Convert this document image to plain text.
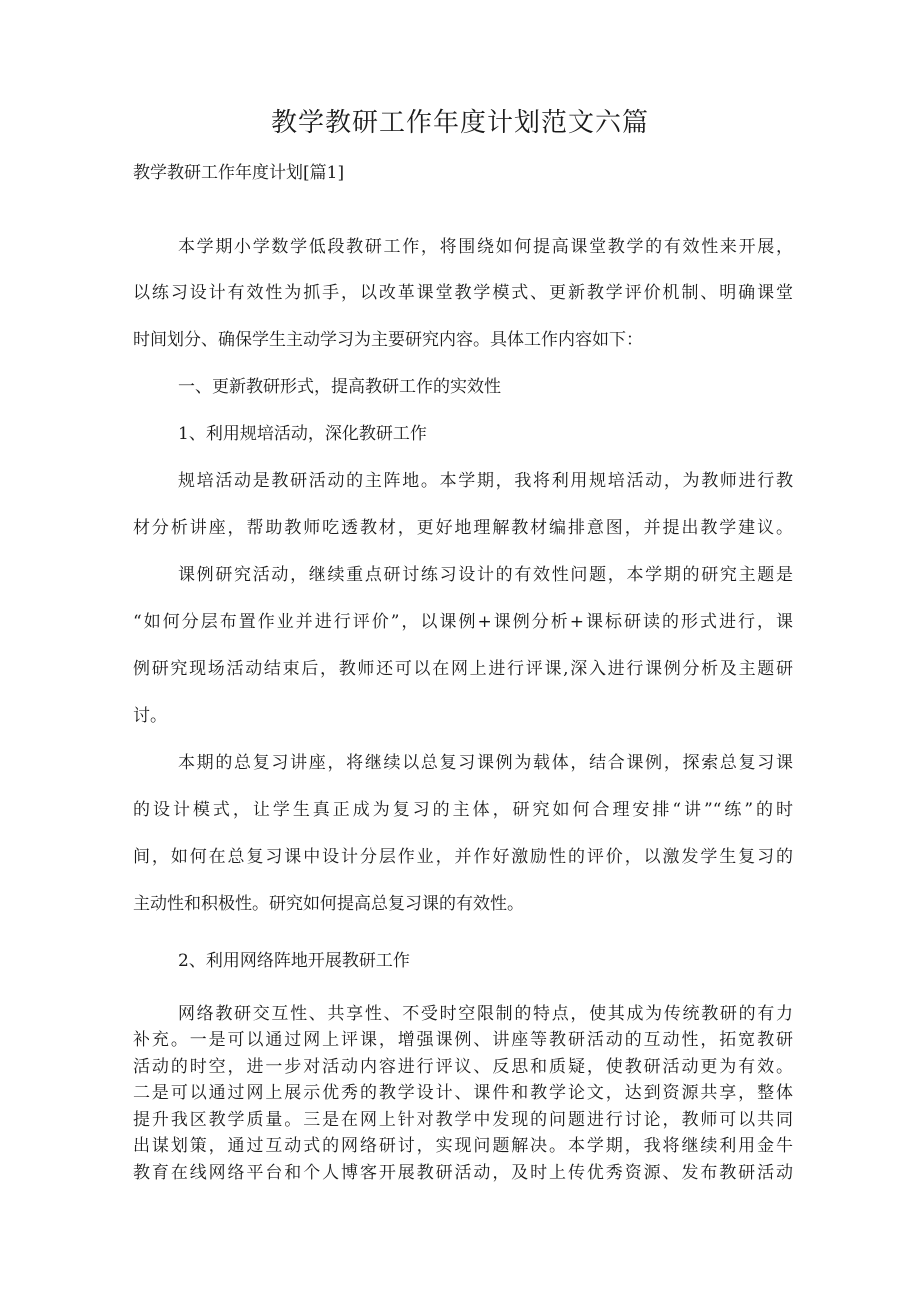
教学教研工作年度计划范文六篇
教学教研工作年度计划[篇1]
本学期小学数学低段教研工作，将围绕如何提高课堂教学的有效性来开展，
以练习设计有效性为抓手，以改革课堂教学模式、更新教学评价机制、明确课堂
时间划分、确保学生主动学习为主要研究内容。具体工作内容如下：
一、更新教研形式，提高教研工作的实效性
1、利用规培活动，深化教研工作
规培活动是教研活动的主阵地。本学期，我将利用规培活动，为教师进行教
材分析讲座，帮助教师吃透教材，更好地理解教材编排意图，并提出教学建议。
课例研究活动，继续重点研讨练习设计的有效性问题，本学期的研究主题是
“如何分层布置作业并进行评价”，以课例+课例分析+课标研读的形式进行，课
例研究现场活动结束后，教师还可以在网上进行评课,深入进行课例分析及主题研
讨。
本期的总复习讲座，将继续以总复习课例为载体，结合课例，探索总复习课
的设计模式，让学生真正成为复习的主体，研究如何合理安排“讲”“练”的时
间，如何在总复习课中设计分层作业，并作好激励性的评价，以激发学生复习的
主动性和积极性。研究如何提高总复习课的有效性。
2、利用网络阵地开展教研工作
网络教研交互性、共享性、不受时空限制的特点，使其成为传统教研的有力
补充。一是可以通过网上评课，增强课例、讲座等教研活动的互动性，拓宽教研
活动的时空，进一步对活动内容进行评议、反思和质疑，使教研活动更为有效。
二是可以通过网上展示优秀的教学设计、课件和教学论文，达到资源共享，整体
提升我区教学质量。三是在网上针对教学中发现的问题进行讨论，教师可以共同
出谋划策，通过互动式的网络研讨，实现问题解决。本学期，我将继续利用金牛
教育在线网络平台和个人博客开展教研活动，及时上传优秀资源、发布教研活动
